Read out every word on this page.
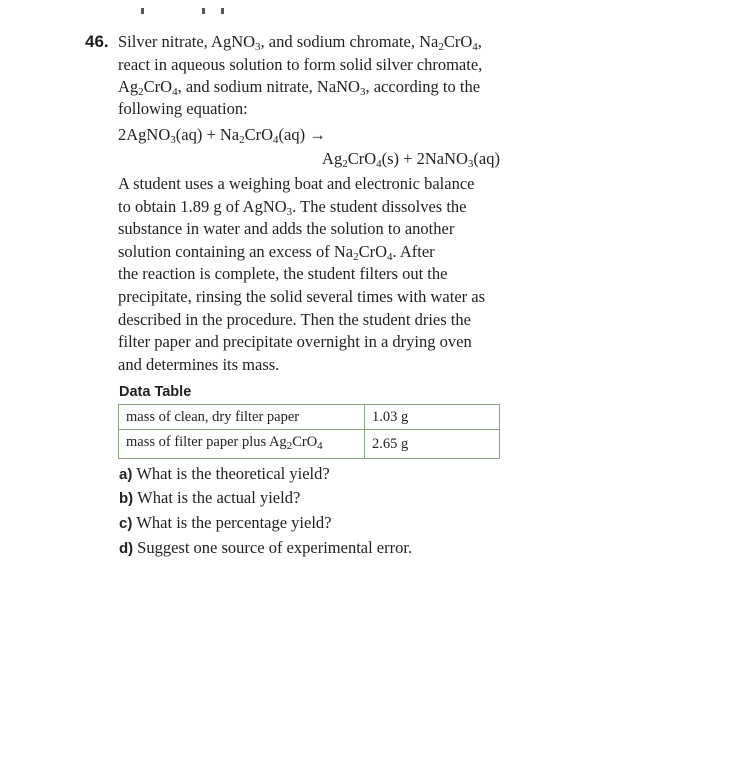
46. Silver nitrate, AgNO$_3$, and sodium chromate, $Na_2CrO_4$,
react in aqueous solution to form solid silver chromate,
$Ag_2CrO_4$, and sodium nitrate, NaNO$_3$, according to the
following equation:
2AgNO$_3$(aq) + $Na_2CrO_4(aq)$ →
$Ag_2CrO_4(s)$ + 2NaNO$_3$(aq)
A student uses a weighing boat and electronic balance
to obtain 1.89 g of AgNO$_3$. The student dissolves the
substance in water and adds the solution to another
solution containing an excess of $Na_2CrO_4$. After
the reaction is complete, the student filters out the
precipitate, rinsing the solid several times with water as
described in the procedure. Then the student dries the
filter paper and precipitate overnight in a drying oven
and determines its mass.
Data Table
mass of clean, dry filter paper	1.03 g
mass of filter paper plus $Ag_2CrO_4$	2.65 g
a) What is the theoretical yield?
b) What is the actual yield?
c) What is the percentage yield?
d) Suggest one source of experimental error.
